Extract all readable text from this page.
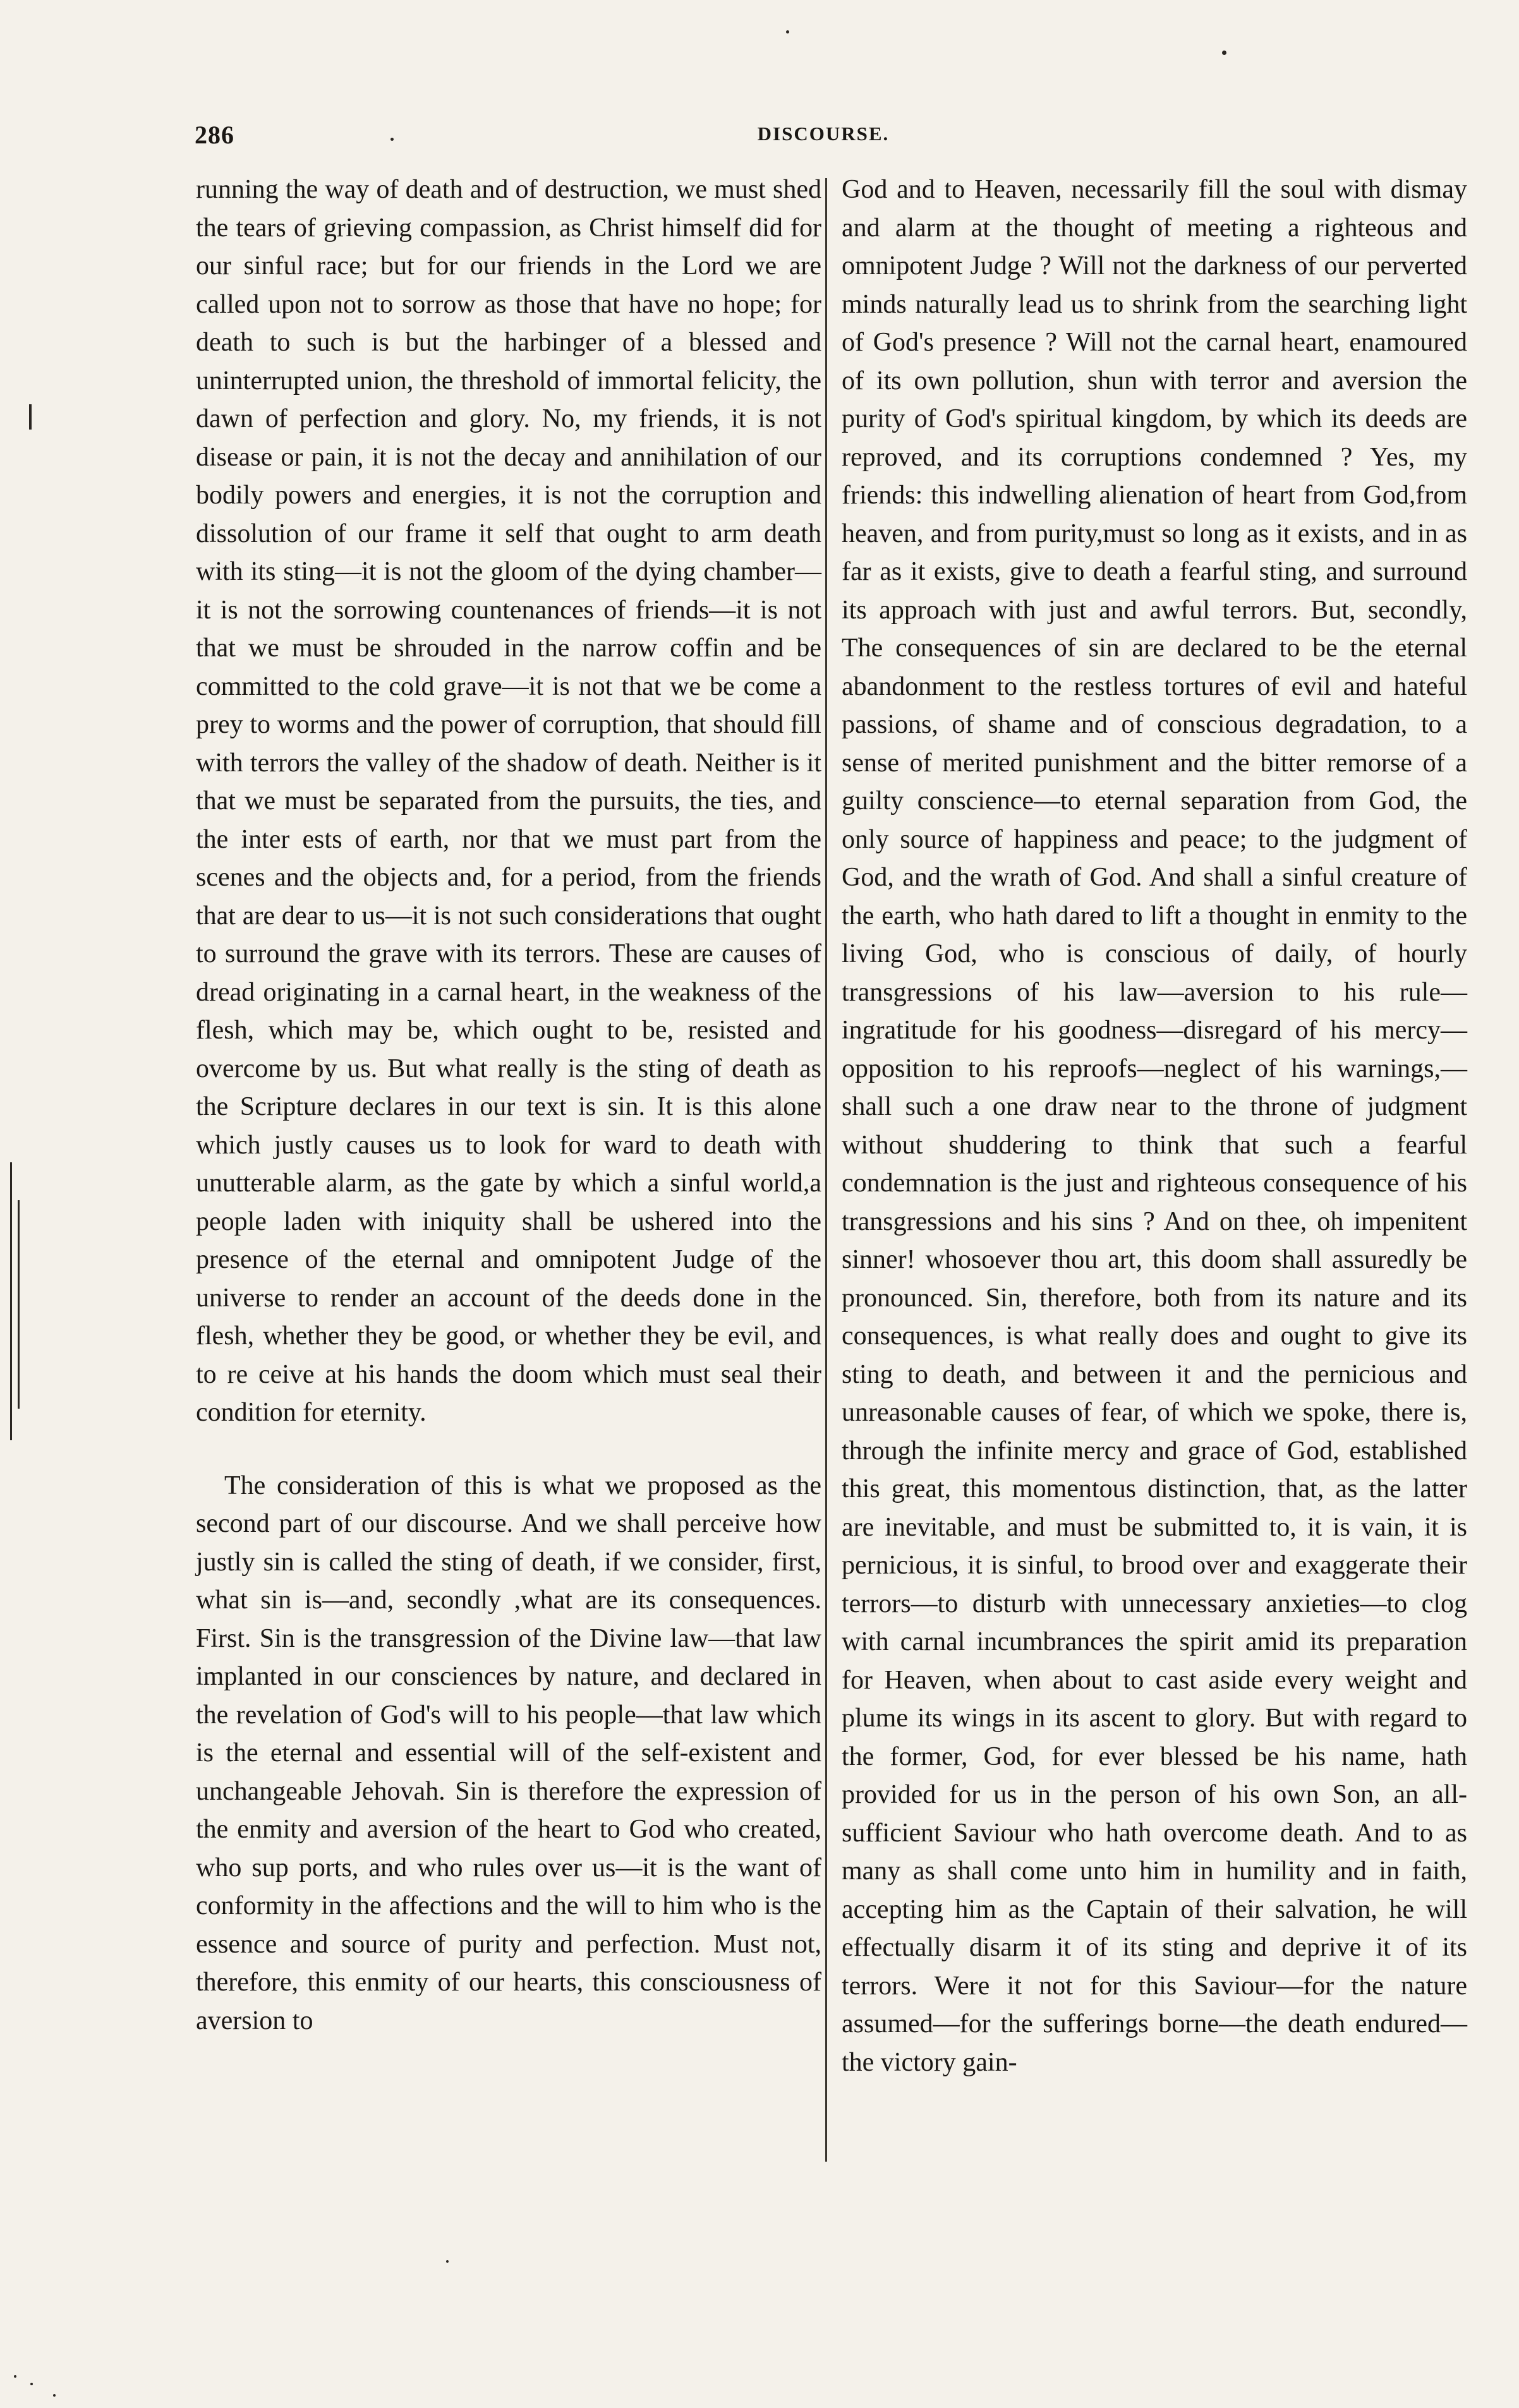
286	DISCOURSE.

running the way of death and of destruction, we must shed the tears of grieving compassion, as Christ himself did for our sinful race; but for our friends in the Lord we are called upon not to sorrow as those that have no hope; for death to such is but the harbinger of a blessed and uninterrupted union, the threshold of immortal felicity, the dawn of perfection and glory. No, my friends, it is not disease or pain, it is not the decay and annihilation of our bodily powers and energies, it is not the corruption and dissolution of our frame it self that ought to arm death with its sting—it is not the gloom of the dying chamber—it is not the sorrowing countenances of friends—it is not that we must be shrouded in the narrow coffin and be committed to the cold grave—it is not that we be come a prey to worms and the power of corruption, that should fill with terrors the valley of the shadow of death. Neither is it that we must be separated from the pursuits, the ties, and the inter ests of earth, nor that we must part from the scenes and the objects and, for a period, from the friends that are dear to us—it is not such considerations that ought to surround the grave with its terrors. These are causes of dread originating in a carnal heart, in the weakness of the flesh, which may be, which ought to be, resisted and overcome by us. But what really is the sting of death as the Scripture declares in our text is sin. It is this alone which justly causes us to look for ward to death with unutterable alarm, as the gate by which a sinful world,a people laden with iniquity shall be ushered into the presence of the eternal and omnipotent Judge of the universe to render an account of the deeds done in the flesh, whether they be good, or whether they be evil, and to re ceive at his hands the doom which must seal their condition for eternity.

The consideration of this is what we proposed as the second part of our discourse. And we shall perceive how justly sin is called the sting of death, if we consider, first, what sin is—and, secondly ,what are its consequences. First. Sin is the transgression of the Divine law—that law implanted in our consciences by nature, and declared in the revelation of God's will to his people—that law which is the eternal and essential will of the self-existent and unchangeable Jehovah. Sin is therefore the expression of the enmity and aversion of the heart to God who created, who sup ports, and who rules over us—it is the want of conformity in the affections and the will to him who is the essence and source of purity and perfection. Must not, therefore, this enmity of our hearts, this consciousness of aversion to

God and to Heaven, necessarily fill the soul with dismay and alarm at the thought of meeting a righteous and omnipotent Judge ? Will not the darkness of our perverted minds naturally lead us to shrink from the searching light of God's presence ? Will not the carnal heart, enamoured of its own pollution, shun with terror and aversion the purity of God's spiritual kingdom, by which its deeds are reproved, and its corruptions condemned ? Yes, my friends: this indwelling alienation of heart from God,from heaven, and from purity,must so long as it exists, and in as far as it exists, give to death a fearful sting, and surround its approach with just and awful terrors. But, secondly, The consequences of sin are declared to be the eternal abandonment to the restless tortures of evil and hateful passions, of shame and of conscious degradation, to a sense of merited punishment and the bitter remorse of a guilty conscience—to eternal separation from God, the only source of happiness and peace; to the judgment of God, and the wrath of God. And shall a sinful creature of the earth, who hath dared to lift a thought in enmity to the living God, who is conscious of daily, of hourly transgressions of his law—aversion to his rule—ingratitude for his goodness—disregard of his mercy—opposition to his reproofs—neglect of his warnings,—shall such a one draw near to the throne of judgment without shuddering to think that such a fearful condemnation is the just and righteous consequence of his transgressions and his sins ? And on thee, oh impenitent sinner! whosoever thou art, this doom shall assuredly be pronounced. Sin, therefore, both from its nature and its consequences, is what really does and ought to give its sting to death, and between it and the pernicious and unreasonable causes of fear, of which we spoke, there is, through the infinite mercy and grace of God, established this great, this momentous distinction, that, as the latter are inevitable, and must be submitted to, it is vain, it is pernicious, it is sinful, to brood over and exaggerate their terrors—to disturb with unnecessary anxieties—to clog with carnal incumbrances the spirit amid its preparation for Heaven, when about to cast aside every weight and plume its wings in its ascent to glory. But with regard to the former, God, for ever blessed be his name, hath provided for us in the person of his own Son, an all-sufficient Saviour who hath overcome death. And to as many as shall come unto him in humility and in faith, accepting him as the Captain of their salvation, he will effectually disarm it of its sting and deprive it of its terrors. Were it not for this Saviour—for the nature assumed—for the sufferings borne—the death endured—the victory gain-
